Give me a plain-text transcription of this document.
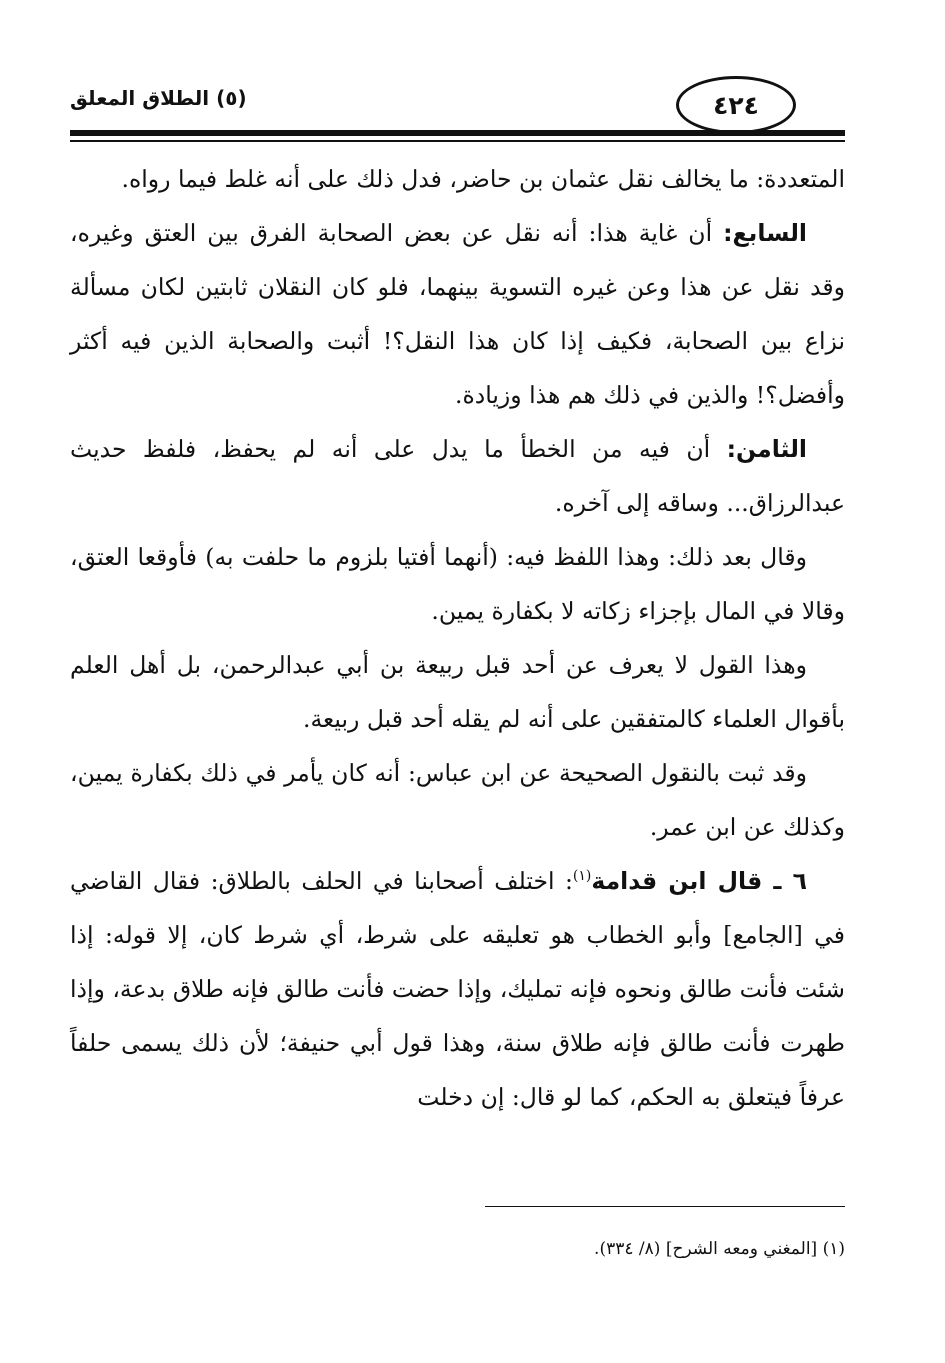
(٥) الطلاق المعلق	٤٢٤

المتعددة: ما يخالف نقل عثمان بن حاضر، فدل ذلك على أنه غلط فيما رواه.

السابع: أن غاية هذا: أنه نقل عن بعض الصحابة الفرق بين العتق وغيره، وقد نقل عن هذا وعن غيره التسوية بينهما، فلو كان النقلان ثابتين لكان مسألة نزاع بين الصحابة، فكيف إذا كان هذا النقل؟! أثبت والصحابة الذين فيه أكثر وأفضل؟! والذين في ذلك هم هذا وزيادة.

الثامن: أن فيه من الخطأ ما يدل على أنه لم يحفظ، فلفظ حديث عبدالرزاق... وساقه إلى آخره.

وقال بعد ذلك: وهذا اللفظ فيه: (أنهما أفتيا بلزوم ما حلفت به) فأوقعا العتق، وقالا في المال بإجزاء زكاته لا بكفارة يمين.

وهذا القول لا يعرف عن أحد قبل ربيعة بن أبي عبدالرحمن، بل أهل العلم بأقوال العلماء كالمتفقين على أنه لم يقله أحد قبل ربيعة.

وقد ثبت بالنقول الصحيحة عن ابن عباس: أنه كان يأمر في ذلك بكفارة يمين، وكذلك عن ابن عمر.

٦ ـ قال ابن قدامة$^{(١)}$: اختلف أصحابنا في الحلف بالطلاق: فقال القاضي في [الجامع] وأبو الخطاب هو تعليقه على شرط، أي شرط كان، إلا قوله: إذا شئت فأنت طالق ونحوه فإنه تمليك، وإذا حضت فأنت طالق فإنه طلاق بدعة، وإذا طهرت فأنت طالق فإنه طلاق سنة، وهذا قول أبي حنيفة؛ لأن ذلك يسمى حلفاً عرفاً فيتعلق به الحكم، كما لو قال: إن دخلت

(١) [المغني ومعه الشرح] (٨/ ٣٣٤).
